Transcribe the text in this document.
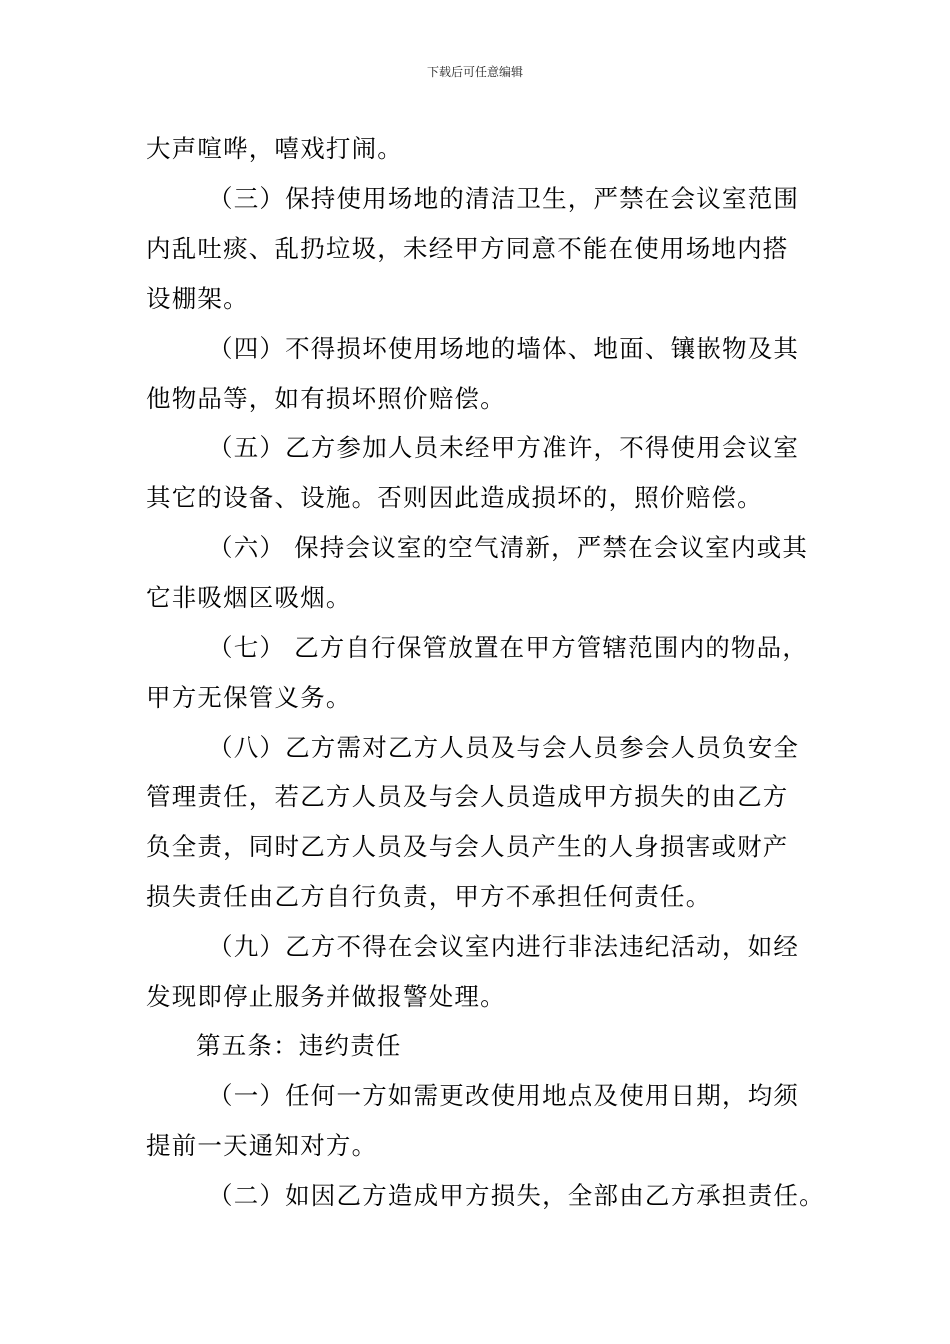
下载后可任意编辑
大声喧哗，嘻戏打闹。
（三）保持使用场地的清洁卫生，严禁在会议室范围
内乱吐痰、乱扔垃圾，未经甲方同意不能在使用场地内搭
设棚架。
（四）不得损坏使用场地的墙体、地面、镶嵌物及其
他物品等，如有损坏照价赔偿。
（五）乙方参加人员未经甲方准许，不得使用会议室
其它的设备、设施。否则因此造成损坏的，照价赔偿。
（六） 保持会议室的空气清新，严禁在会议室内或其
它非吸烟区吸烟。
（七） 乙方自行保管放置在甲方管辖范围内的物品，
甲方无保管义务。
（八）乙方需对乙方人员及与会人员参会人员负安全
管理责任，若乙方人员及与会人员造成甲方损失的由乙方
负全责，同时乙方人员及与会人员产生的人身损害或财产
损失责任由乙方自行负责，甲方不承担任何责任。
（九）乙方不得在会议室内进行非法违纪活动，如经
发现即停止服务并做报警处理。
第五条：违约责任
（一）任何一方如需更改使用地点及使用日期，均须
提前一天通知对方。
（二）如因乙方造成甲方损失，全部由乙方承担责任。
